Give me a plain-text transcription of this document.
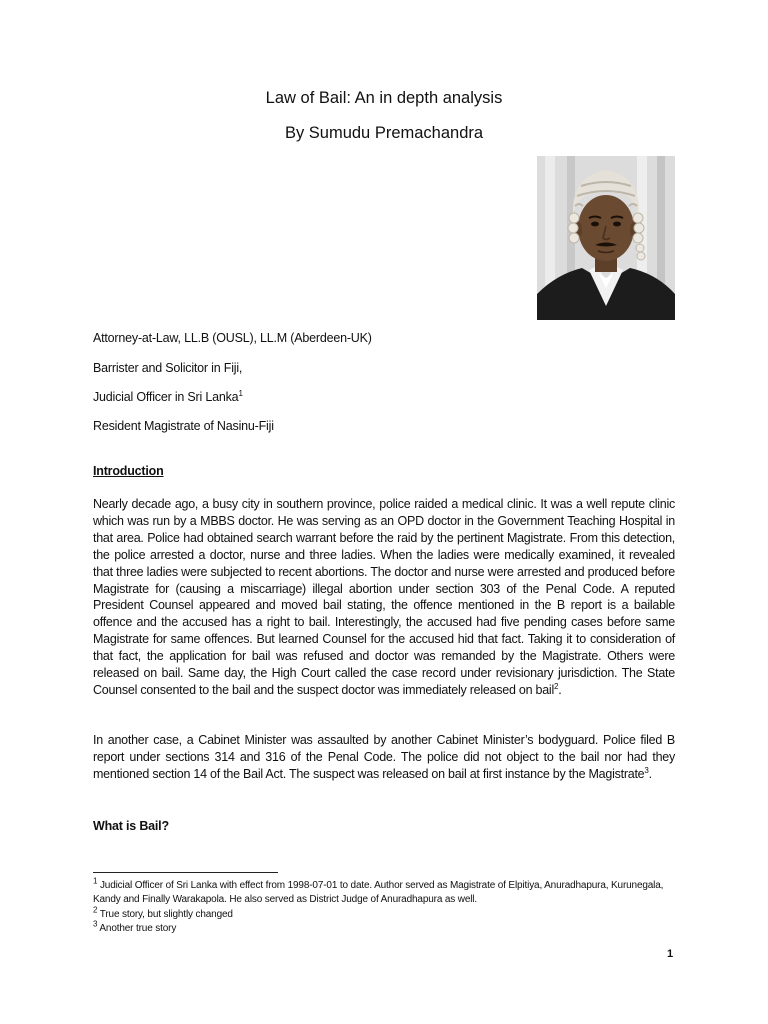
Law of Bail: An in depth analysis
By Sumudu Premachandra
Attorney-at-Law, LL.B (OUSL), LL.M (Aberdeen-UK)
Barrister and Solicitor in Fiji,
Judicial Officer in Sri Lanka$^1$
Resident Magistrate of Nasinu-Fiji
Introduction
Nearly decade ago, a busy city in southern province, police raided a medical clinic. It was a well repute clinic which was run by a MBBS doctor. He was serving as an OPD doctor in the Government Teaching Hospital in that area. Police had obtained search warrant before the raid by the pertinent Magistrate. From this detection, the police arrested a doctor, nurse and three ladies. When the ladies were medically examined, it revealed that three ladies were subjected to recent abortions. The doctor and nurse were arrested and produced before Magistrate for (causing a miscarriage) illegal abortion under section 303 of the Penal Code. A reputed President Counsel appeared and moved bail stating, the offence mentioned in the B report is a bailable offence and the accused has a right to bail. Interestingly, the accused had five pending cases before same Magistrate for same offences. But learned Counsel for the accused hid that fact. Taking it to consideration of that fact, the application for bail was refused and doctor was remanded by the Magistrate. Others were released on bail. Same day, the High Court called the case record under revisionary jurisdiction. The State Counsel consented to the bail and the suspect doctor was immediately released on bail$^2$.
In another case, a Cabinet Minister was assaulted by another Cabinet Minister’s bodyguard. Police filed B report under sections 314 and 316 of the Penal Code. The police did not object to the bail nor had they mentioned section 14 of the Bail Act. The suspect was released on bail at first instance by the Magistrate$^3$.
What is Bail?
$^1$ Judicial Officer of Sri Lanka with effect from 1998-07-01 to date. Author served as Magistrate of Elpitiya, Anuradhapura, Kurunegala, Kandy and Finally Warakapola. He also served as District Judge of Anuradhapura as well.
$^2$ True story, but slightly changed
$^3$ Another true story
1
